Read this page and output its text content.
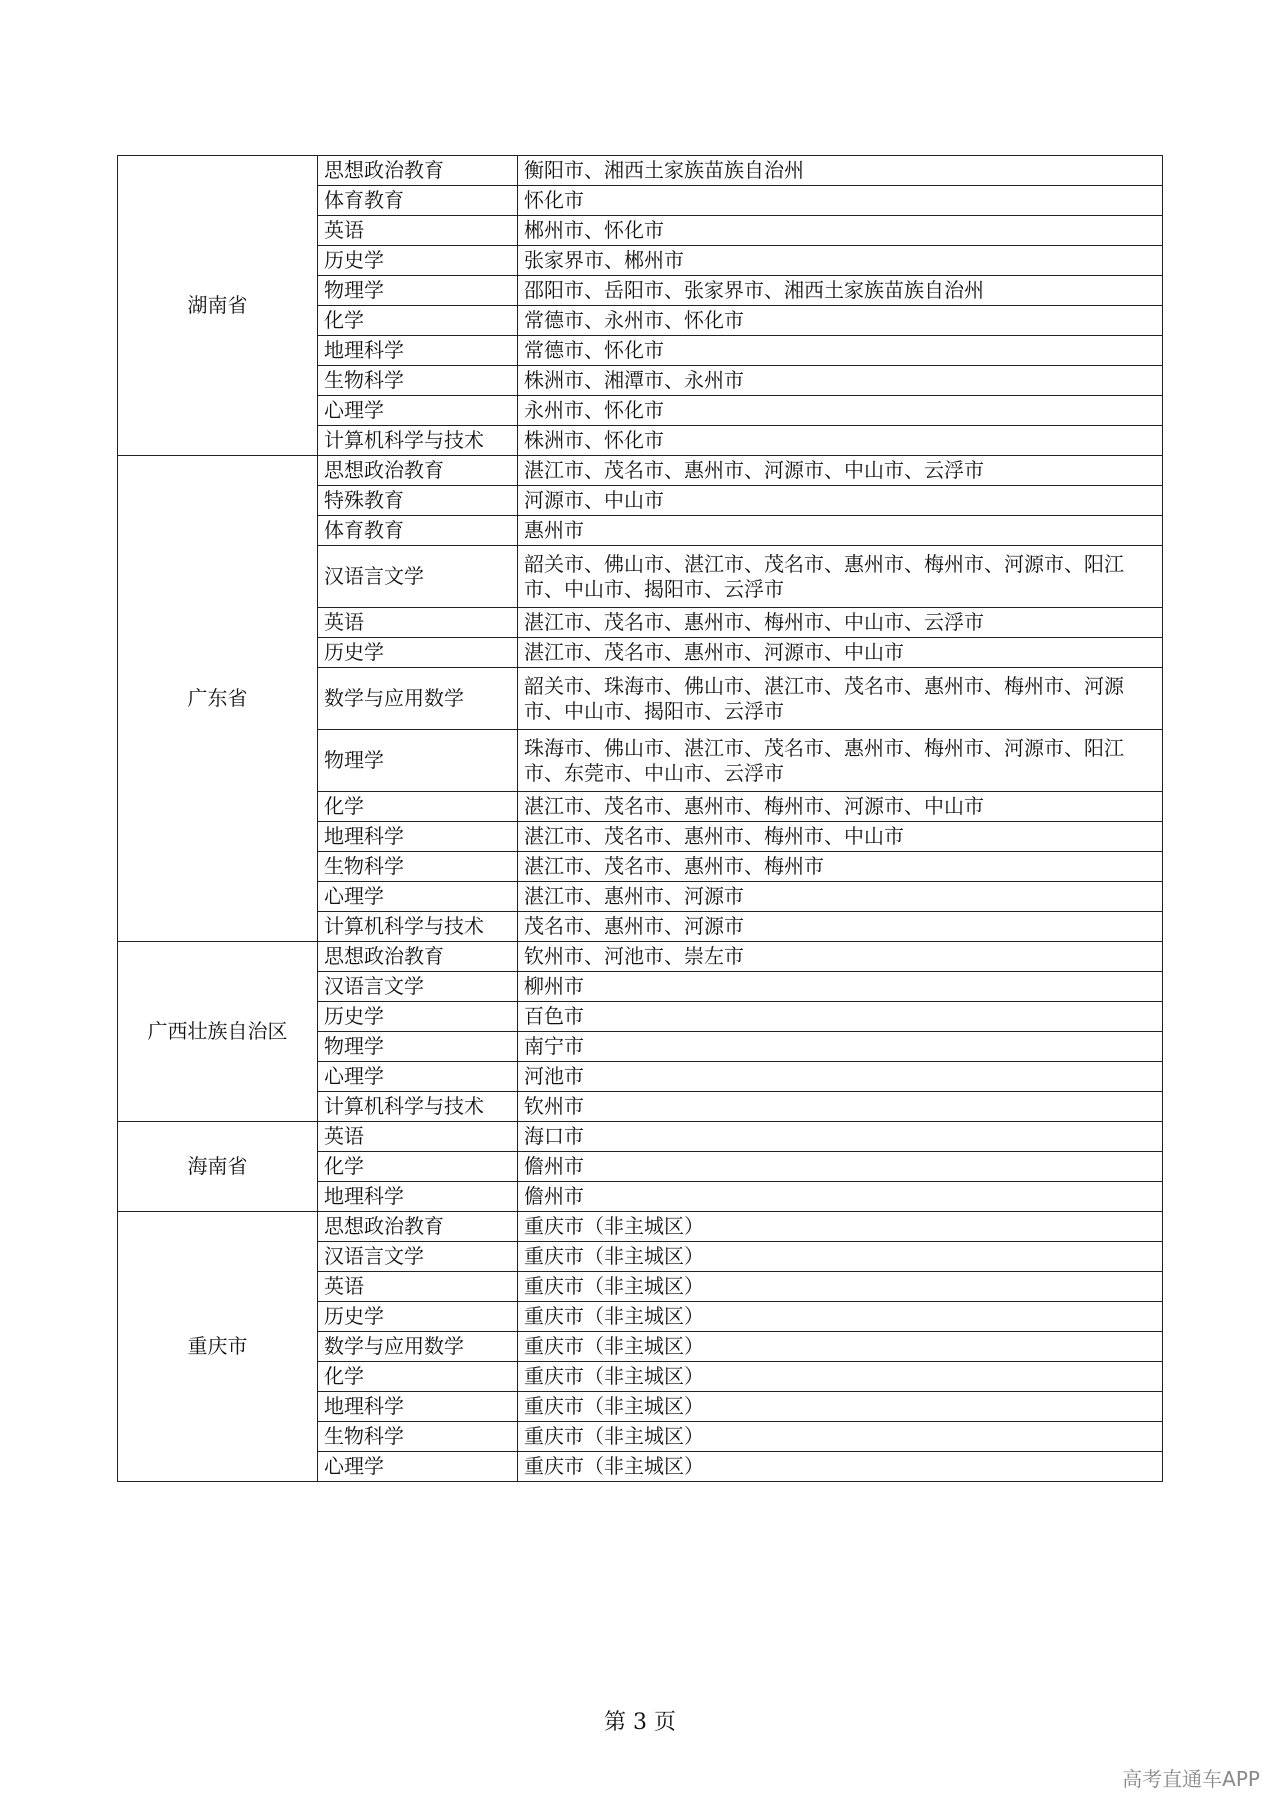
湖南省	思想政治教育	衡阳市、湘西土家族苗族自治州
	体育教育	怀化市
	英语	郴州市、怀化市
	历史学	张家界市、郴州市
	物理学	邵阳市、岳阳市、张家界市、湘西土家族苗族自治州
	化学	常德市、永州市、怀化市
	地理科学	常德市、怀化市
	生物科学	株洲市、湘潭市、永州市
	心理学	永州市、怀化市
	计算机科学与技术	株洲市、怀化市
广东省	思想政治教育	湛江市、茂名市、惠州市、河源市、中山市、云浮市
	特殊教育	河源市、中山市
	体育教育	惠州市
	汉语言文学	韶关市、佛山市、湛江市、茂名市、惠州市、梅州市、河源市、阳江市、中山市、揭阳市、云浮市
	英语	湛江市、茂名市、惠州市、梅州市、中山市、云浮市
	历史学	湛江市、茂名市、惠州市、河源市、中山市
	数学与应用数学	韶关市、珠海市、佛山市、湛江市、茂名市、惠州市、梅州市、河源市、中山市、揭阳市、云浮市
	物理学	珠海市、佛山市、湛江市、茂名市、惠州市、梅州市、河源市、阳江市、东莞市、中山市、云浮市
	化学	湛江市、茂名市、惠州市、梅州市、河源市、中山市
	地理科学	湛江市、茂名市、惠州市、梅州市、中山市
	生物科学	湛江市、茂名市、惠州市、梅州市
	心理学	湛江市、惠州市、河源市
	计算机科学与技术	茂名市、惠州市、河源市
广西壮族自治区	思想政治教育	钦州市、河池市、崇左市
	汉语言文学	柳州市
	历史学	百色市
	物理学	南宁市
	心理学	河池市
	计算机科学与技术	钦州市
海南省	英语	海口市
	化学	儋州市
	地理科学	儋州市
重庆市	思想政治教育	重庆市（非主城区）
	汉语言文学	重庆市（非主城区）
	英语	重庆市（非主城区）
	历史学	重庆市（非主城区）
	数学与应用数学	重庆市（非主城区）
	化学	重庆市（非主城区）
	地理科学	重庆市（非主城区）
	生物科学	重庆市（非主城区）
	心理学	重庆市（非主城区）
第 3 页
高考直通车APP
